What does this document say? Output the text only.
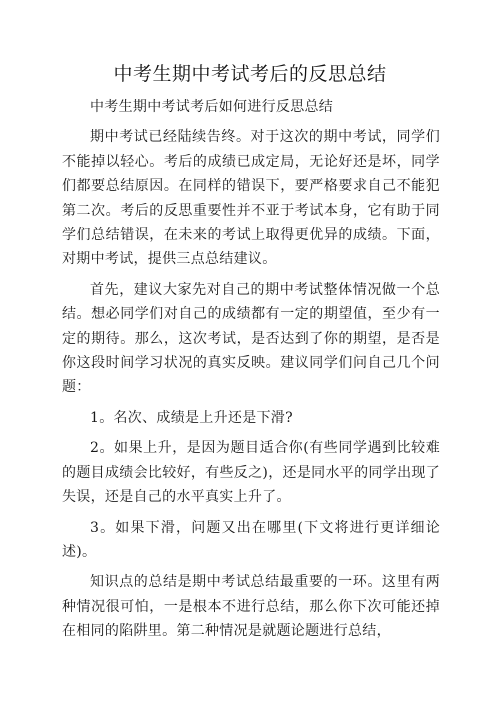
中考生期中考试考后的反思总结

中考生期中考试考后如何进行反思总结

期中考试已经陆续告终。对于这次的期中考试，同学们不能掉以轻心。考后的成绩已成定局，无论好还是坏，同学们都要总结原因。在同样的错误下，要严格要求自己不能犯第二次。考后的反思重要性并不亚于考试本身，它有助于同学们总结错误，在未来的考试上取得更优异的成绩。下面，对期中考试，提供三点总结建议。

首先，建议大家先对自己的期中考试整体情况做一个总结。想必同学们对自己的成绩都有一定的期望值，至少有一定的期待。那么，这次考试，是否达到了你的期望，是否是你这段时间学习状况的真实反映。建议同学们问自己几个问题：

1。名次、成绩是上升还是下滑?

2。如果上升，是因为题目适合你(有些同学遇到比较难的题目成绩会比较好，有些反之)，还是同水平的同学出现了失误，还是自己的水平真实上升了。

3。如果下滑，问题又出在哪里(下文将进行更详细论述)。

知识点的总结是期中考试总结最重要的一环。这里有两种情况很可怕，一是根本不进行总结，那么你下次可能还掉在相同的陷阱里。第二种情况是就题论题进行总结，
